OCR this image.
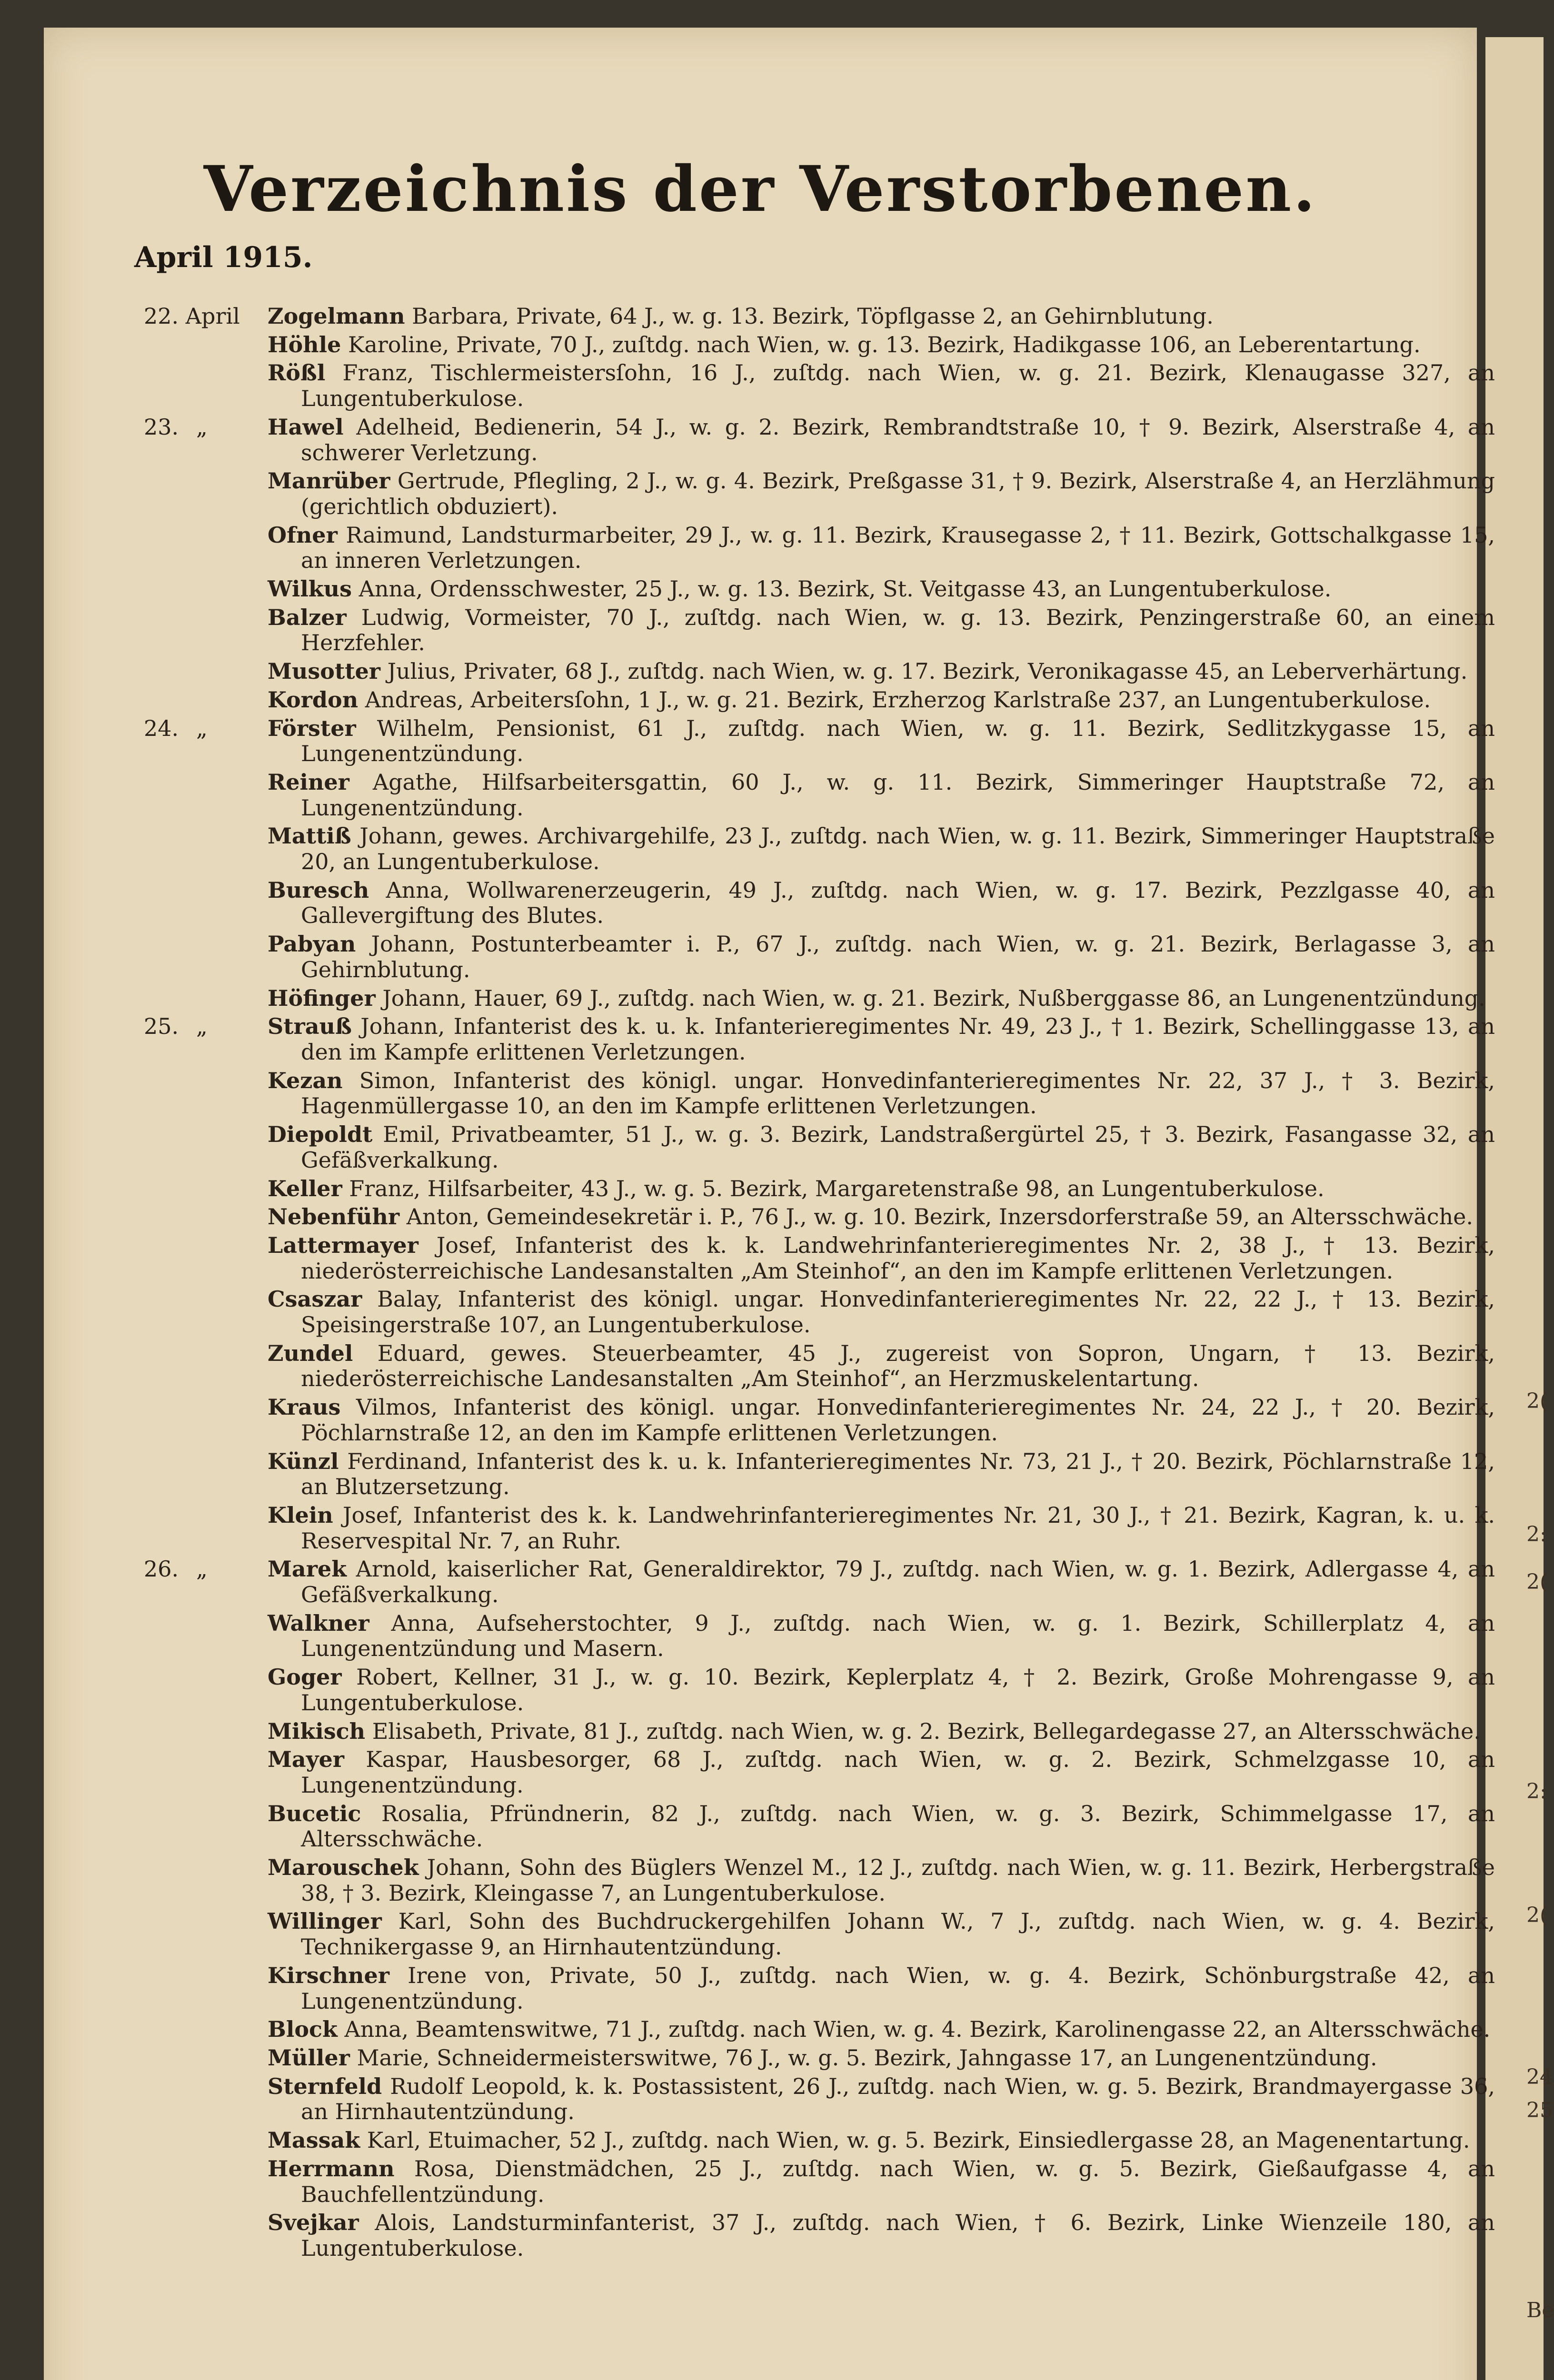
2(
2:
2(
2:
2(
24
25
Be
Verzeichnis der Verstorbenen.
April 1915.
22. April Zogelmann Barbara, Private, 64 J., w. g. 13. Bezirk, Töpflgasse 2, an Gehirnblutung.
Höhle Karoline, Private, 70 J., zuſtdg. nach Wien, w. g. 13. Bezirk, Hadikgasse 106, an Leberentartung.
Rößl Franz, Tischlermeistersſohn, 16 J., zuſtdg. nach Wien, w. g. 21. Bezirk, Klenaugasse 327, an Lungentuberkulose.
23. „	Hawel Adelheid, Bedienerin, 54 J., w. g. 2. Bezirk, Rembrandtstraße 10, † 9. Bezirk, Alserstraße 4, an schwerer Verletzung.
Manrüber Gertrude, Pflegling, 2 J., w. g. 4. Bezirk, Preßgasse 31, † 9. Bezirk, Alserstraße 4, an Herzlähmung (gerichtlich obduziert).
Ofner Raimund, Landsturmarbeiter, 29 J., w. g. 11. Bezirk, Krausegasse 2, † 11. Bezirk, Gottschalkgasse 15, an inneren Verletzungen.
Wilkus Anna, Ordensschwester, 25 J., w. g. 13. Bezirk, St. Veitgasse 43, an Lungentuberkulose.
Balzer Ludwig, Vormeister, 70 J., zuſtdg. nach Wien, w. g. 13. Bezirk, Penzingerstraße 60, an einem Herzfehler.
Musotter Julius, Privater, 68 J., zuſtdg. nach Wien, w. g. 17. Bezirk, Veronikagasse 45, an Leberverhärtung.
Kordon Andreas, Arbeitersſohn, 1 J., w. g. 21. Bezirk, Erzherzog Karlstraße 237, an Lungentuberkulose.
24. „	Förster Wilhelm, Pensionist, 61 J., zuſtdg. nach Wien, w. g. 11. Bezirk, Sedlitzkygasse 15, an Lungenentzündung.
Reiner Agathe, Hilfsarbeitersgattin, 60 J., w. g. 11. Bezirk, Simmeringer Hauptstraße 72, an Lungenentzündung.
Mattiß Johann, gewes. Archivargehilfe, 23 J., zuſtdg. nach Wien, w. g. 11. Bezirk, Simmeringer Hauptstraße 20, an Lungentuberkulose.
Buresch Anna, Wollwarenerzeugerin, 49 J., zuſtdg. nach Wien, w. g. 17. Bezirk, Pezzlgasse 40, an Gallevergiftung des Blutes.
Pabyan Johann, Postunterbeamter i. P., 67 J., zuſtdg. nach Wien, w. g. 21. Bezirk, Berlagasse 3, an Gehirnblutung.
Höfinger Johann, Hauer, 69 J., zuſtdg. nach Wien, w. g. 21. Bezirk, Nußberggasse 86, an Lungenentzündung.
25. „	Strauß Johann, Infanterist des k. u. k. Infanterieregimentes Nr. 49, 23 J., † 1. Bezirk, Schellinggasse 13, an den im Kampfe erlittenen Verletzungen.
Kezan Simon, Infanterist des königl. ungar. Honvedinfanterieregimentes Nr. 22, 37 J., † 3. Bezirk, Hagenmüllergasse 10, an den im Kampfe erlittenen Verletzungen.
Diepoldt Emil, Privatbeamter, 51 J., w. g. 3. Bezirk, Landstraßergürtel 25, † 3. Bezirk, Fasangasse 32, an Gefäßverkalkung.
Keller Franz, Hilfsarbeiter, 43 J., w. g. 5. Bezirk, Margaretenstraße 98, an Lungentuberkulose.
Nebenführ Anton, Gemeindesekretär i. P., 76 J., w. g. 10. Bezirk, Inzersdorferstraße 59, an Altersschwäche.
Lattermayer Josef, Infanterist des k. k. Landwehrinfanterieregimentes Nr. 2, 38 J., † 13. Bezirk, niederösterreichische Landesanstalten „Am Steinhof“, an den im Kampfe erlittenen Verletzungen.
Csaszar Balay, Infanterist des königl. ungar. Honvedinfanterieregimentes Nr. 22, 22 J., † 13. Bezirk, Speisingerstraße 107, an Lungentuberkulose.
Zundel Eduard, gewes. Steuerbeamter, 45 J., zugereist von Sopron, Ungarn, † 13. Bezirk, niederösterreichische Landesanstalten „Am Steinhof“, an Herzmuskelentartung.
Kraus Vilmos, Infanterist des königl. ungar. Honvedinfanterieregimentes Nr. 24, 22 J., † 20. Bezirk, Pöchlarnstraße 12, an den im Kampfe erlittenen Verletzungen.
Künzl Ferdinand, Infanterist des k. u. k. Infanterieregimentes Nr. 73, 21 J., † 20. Bezirk, Pöchlarnstraße 12, an Blutzersetzung.
Klein Josef, Infanterist des k. k. Landwehrinfanterieregimentes Nr. 21, 30 J., † 21. Bezirk, Kagran, k. u. k. Reservespital Nr. 7, an Ruhr.
26. „	Marek Arnold, kaiserlicher Rat, Generaldirektor, 79 J., zuſtdg. nach Wien, w. g. 1. Bezirk, Adlergasse 4, an Gefäßverkalkung.
Walkner Anna, Aufseherstochter, 9 J., zuſtdg. nach Wien, w. g. 1. Bezirk, Schillerplatz 4, an Lungenentzündung und Masern.
Goger Robert, Kellner, 31 J., w. g. 10. Bezirk, Keplerplatz 4, † 2. Bezirk, Große Mohrengasse 9, an Lungentuberkulose.
Mikisch Elisabeth, Private, 81 J., zuſtdg. nach Wien, w. g. 2. Bezirk, Bellegardegasse 27, an Altersschwäche.
Mayer Kaspar, Hausbesorger, 68 J., zuſtdg. nach Wien, w. g. 2. Bezirk, Schmelzgasse 10, an Lungenentzündung.
Bucetic Rosalia, Pfründnerin, 82 J., zuſtdg. nach Wien, w. g. 3. Bezirk, Schimmelgasse 17, an Altersschwäche.
Marouschek Johann, Sohn des Büglers Wenzel M., 12 J., zuſtdg. nach Wien, w. g. 11. Bezirk, Herbergstraße 38, † 3. Bezirk, Kleingasse 7, an Lungentuberkulose.
Willinger Karl, Sohn des Buchdruckergehilfen Johann W., 7 J., zuſtdg. nach Wien, w. g. 4. Bezirk, Technikergasse 9, an Hirnhautentzündung.
Kirschner Irene von, Private, 50 J., zuſtdg. nach Wien, w. g. 4. Bezirk, Schönburgstraße 42, an Lungenentzündung.
Block Anna, Beamtenswitwe, 71 J., zuſtdg. nach Wien, w. g. 4. Bezirk, Karolinengasse 22, an Altersschwäche.
Müller Marie, Schneidermeisterswitwe, 76 J., w. g. 5. Bezirk, Jahngasse 17, an Lungenentzündung.
Sternfeld Rudolf Leopold, k. k. Postassistent, 26 J., zuſtdg. nach Wien, w. g. 5. Bezirk, Brandmayergasse 36, an Hirnhautentzündung.
Massak Karl, Etuimacher, 52 J., zuſtdg. nach Wien, w. g. 5. Bezirk, Einsiedlergasse 28, an Magenentartung.
Herrmann Rosa, Dienstmädchen, 25 J., zuſtdg. nach Wien, w. g. 5. Bezirk, Gießaufgasse 4, an Bauchfellentzündung.
Svejkar Alois, Landsturminfanterist, 37 J., zuſtdg. nach Wien, † 6. Bezirk, Linke Wienzeile 180, an Lungentuberkulose.
